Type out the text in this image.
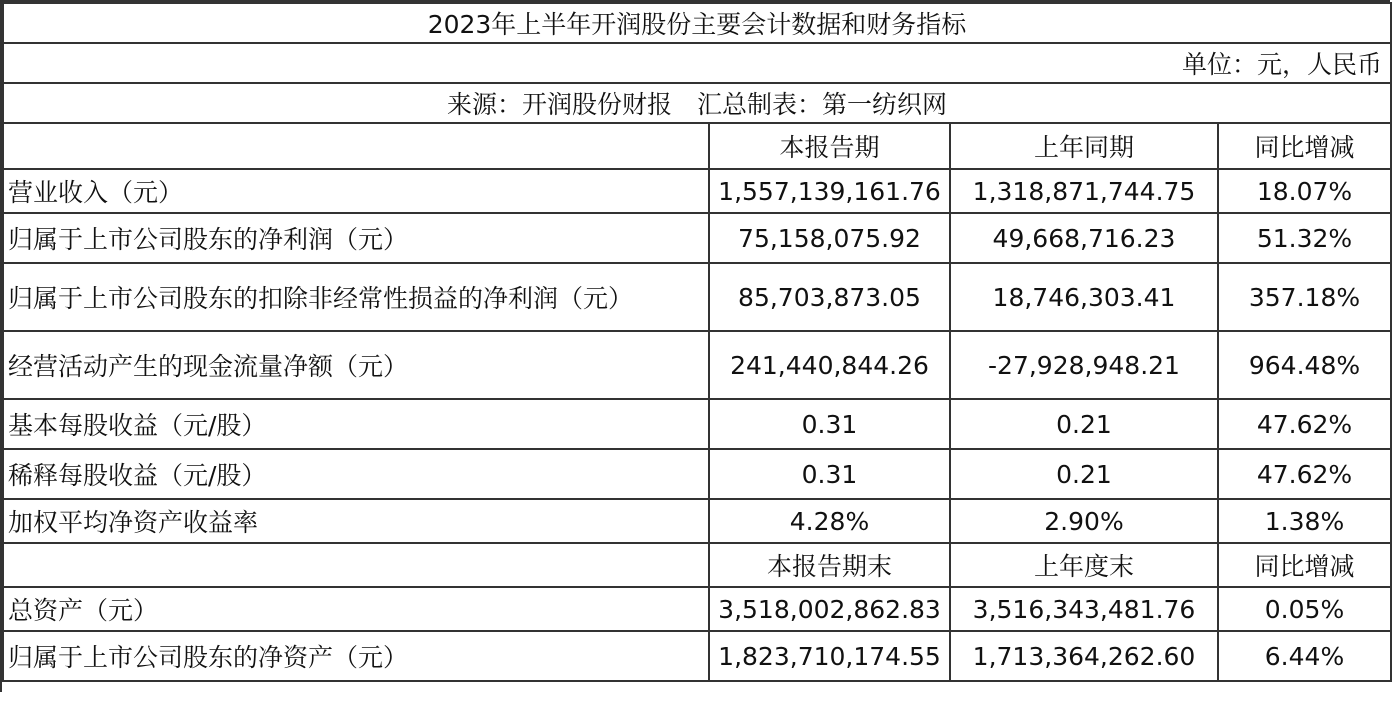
2023年上半年开润股份主要会计数据和财务指标			
单位：元，人民币			
来源：开润股份财报　汇总制表：第一纺织网			
	本报告期	上年同期	同比增减
营业收入（元）	1,557,139,161.76	1,318,871,744.75	18.07%
归属于上市公司股东的净利润（元）	75,158,075.92	49,668,716.23	51.32%
归属于上市公司股东的扣除非经常性损益的净利润（元）	85,703,873.05	18,746,303.41	357.18%
经营活动产生的现金流量净额（元）	241,440,844.26	-27,928,948.21	964.48%
基本每股收益（元/股）	0.31	0.21	47.62%
稀释每股收益（元/股）	0.31	0.21	47.62%
加权平均净资产收益率	4.28%	2.90%	1.38%
	本报告期末	上年度末	同比增减
总资产（元）	3,518,002,862.83	3,516,343,481.76	0.05%
归属于上市公司股东的净资产（元）	1,823,710,174.55	1,713,364,262.60	6.44%
